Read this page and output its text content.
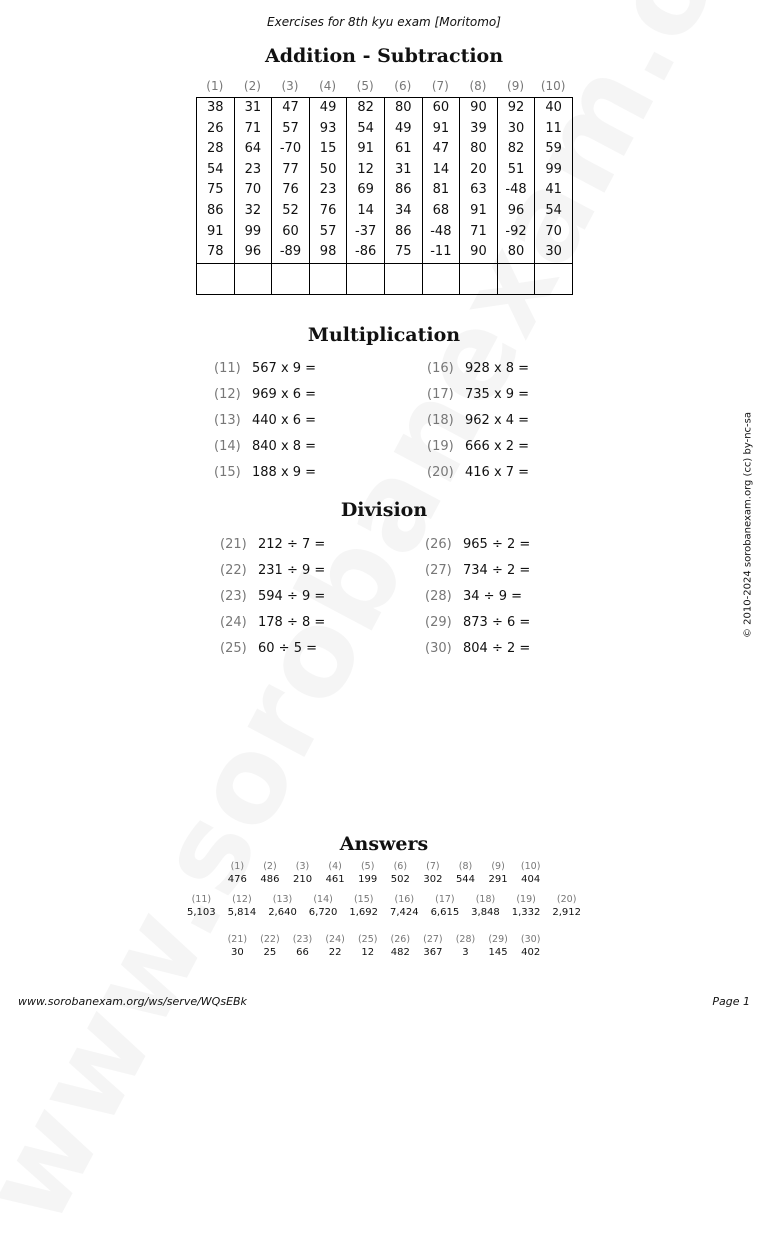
Exercises for 8th kyu exam [Moritomo]
Addition - Subtraction
(1)	(2)	(3)	(4)	(5)	(6)	(7)	(8)	(9)	(10)
38	31	47	49	82	80	60	90	92	40
26	71	57	93	54	49	91	39	30	11
28	64	-70	15	91	61	47	80	82	59
54	23	77	50	12	31	14	20	51	99
75	70	76	23	69	86	81	63	-48	41
86	32	52	76	14	34	68	91	96	54
91	99	60	57	-37	86	-48	71	-92	70
78	96	-89	98	-86	75	-11	90	80	30

Multiplication
(11) 567 x 9 =
(12) 969 x 6 =
(13) 440 x 6 =
(14) 840 x 8 =
(15) 188 x 9 =
(16) 928 x 8 =
(17) 735 x 9 =
(18) 962 x 4 =
(19) 666 x 2 =
(20) 416 x 7 =
Division
(21) 212 ÷ 7 =
(22) 231 ÷ 9 =
(23) 594 ÷ 9 =
(24) 178 ÷ 8 =
(25) 60 ÷ 5 =
(26) 965 ÷ 2 =
(27) 734 ÷ 2 =
(28) 34 ÷ 9 =
(29) 873 ÷ 6 =
(30) 804 ÷ 2 =
Answers
(1)
476
(2)
486
(3)
210
(4)
461
(5)
199
(6)
502
(7)
302
(8)
544
(9)
291
(10)
404
(11)
5,103
(12)
5,814
(13)
2,640
(14)
6,720
(15)
1,692
(16)
7,424
(17)
6,615
(18)
3,848
(19)
1,332
(20)
2,912
(21)
30
(22)
25
(23)
66
(24)
22
(25)
12
(26)
482
(27)
367
(28)
3
(29)
145
(30)
402
© 2010-2024 sorobanexam.org (cc) by-nc-sa
www.sorobanexam.org/ws/serve/WQsEBk	Page 1
